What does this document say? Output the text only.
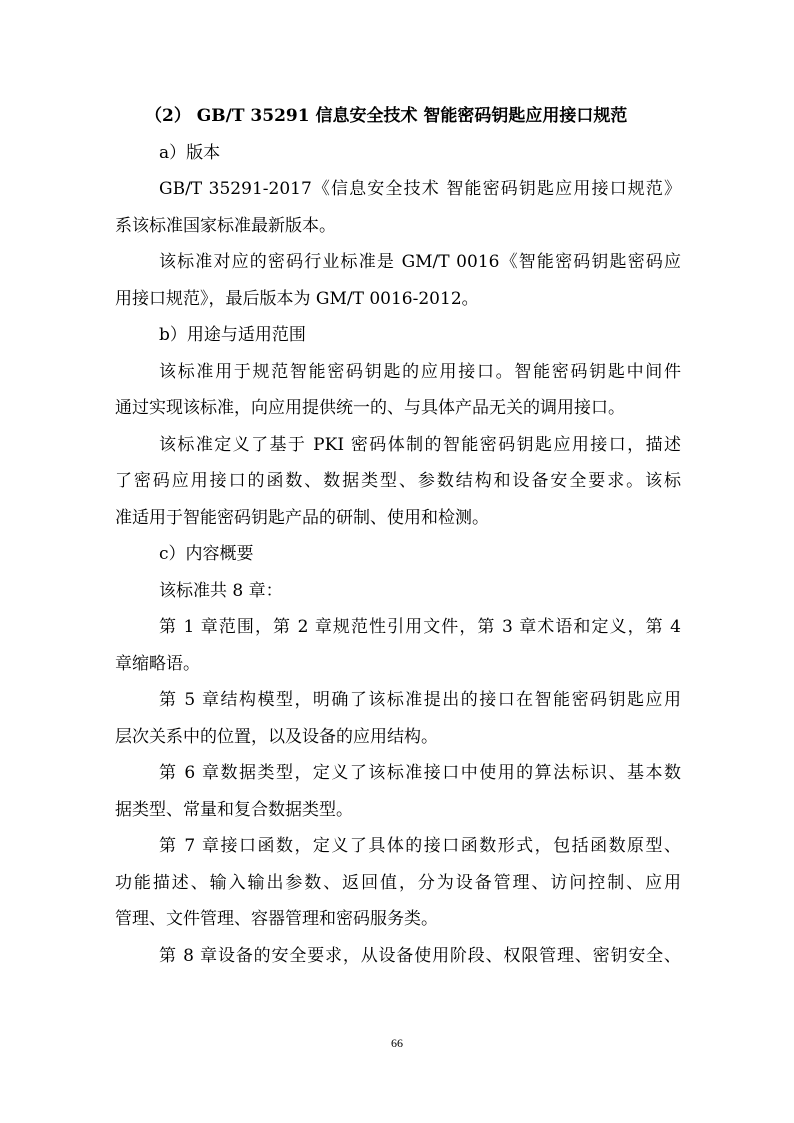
（2） GB/T 35291 信息安全技术 智能密码钥匙应用接口规范
a）版本
GB/T 35291-2017《信息安全技术 智能密码钥匙应用接口规范》
系该标准国家标准最新版本。
该标准对应的密码行业标准是 GM/T 0016《智能密码钥匙密码应
用接口规范》，最后版本为 GM/T 0016-2012。
b）用途与适用范围
该标准用于规范智能密码钥匙的应用接口。智能密码钥匙中间件
通过实现该标准，向应用提供统一的、与具体产品无关的调用接口。
该标准定义了基于 PKI 密码体制的智能密码钥匙应用接口，描述
了密码应用接口的函数、数据类型、参数结构和设备安全要求。该标
准适用于智能密码钥匙产品的研制、使用和检测。
c）内容概要
该标准共 8 章：
第 1 章范围，第 2 章规范性引用文件，第 3 章术语和定义，第 4
章缩略语。
第 5 章结构模型，明确了该标准提出的接口在智能密码钥匙应用
层次关系中的位置，以及设备的应用结构。
第 6 章数据类型，定义了该标准接口中使用的算法标识、基本数
据类型、常量和复合数据类型。
第 7 章接口函数，定义了具体的接口函数形式，包括函数原型、
功能描述、输入输出参数、返回值，分为设备管理、访问控制、应用
管理、文件管理、容器管理和密码服务类。
第 8 章设备的安全要求，从设备使用阶段、权限管理、密钥安全、
66
